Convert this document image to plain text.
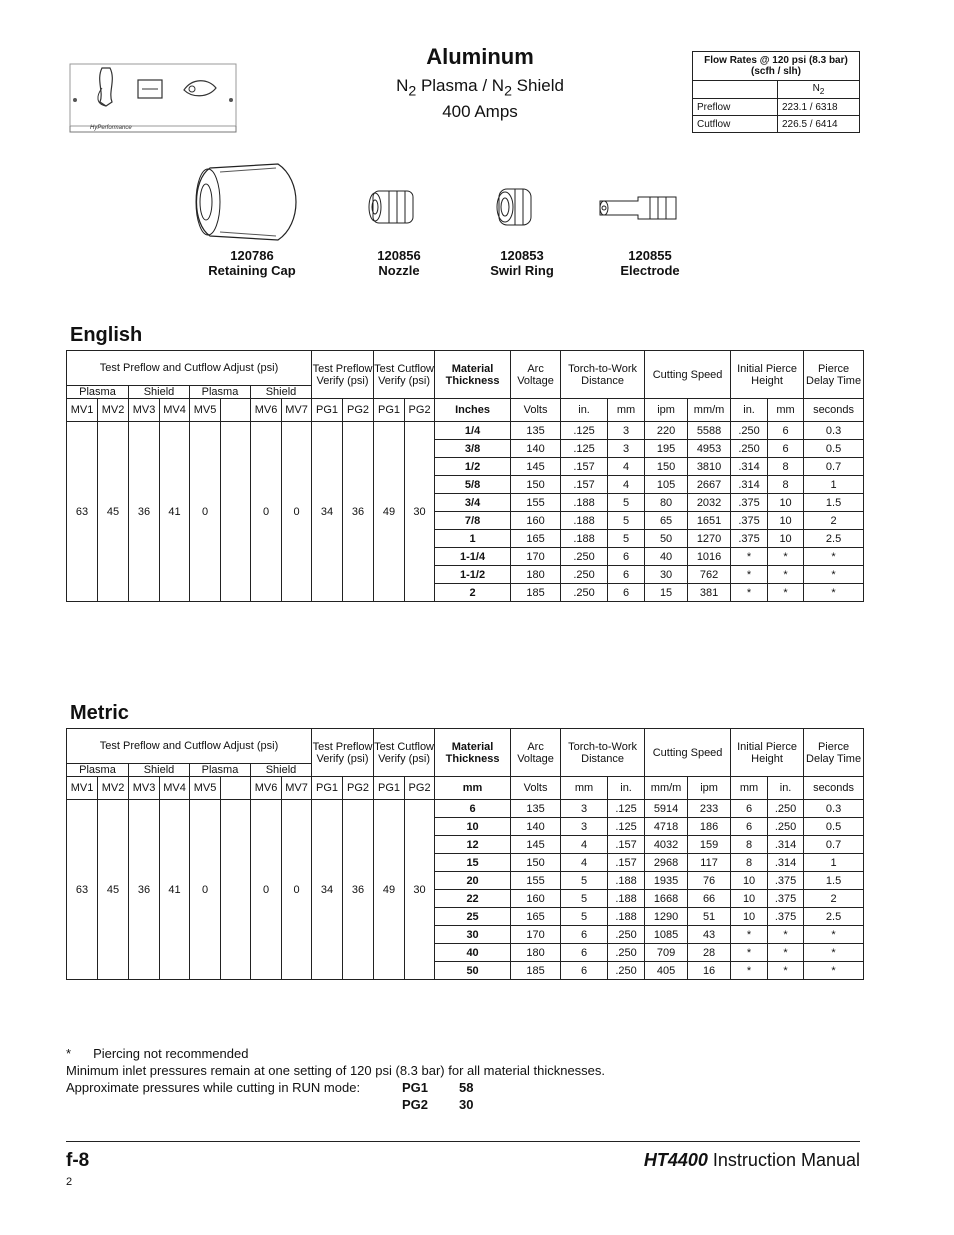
HyPerformance
Aluminum
$N_2$ Plasma / $N_2$ Shield
400 Amps
Flow Rates @ 120 psi (8.3 bar) (scfh / slh)	
	$N_2$
Preflow	223.1 / 6318
Cutflow	226.5 / 6414
120786
Retaining Cap
120856
Nozzle
120853
Swirl Ring
120855
Electrode
English
Test Preflow and Cutflow Adjust (psi)								Test Preflow Verify (psi)		Test Cutflow Verify (psi)		Material Thickness	Arc Voltage	Torch-to-Work Distance		Cutting Speed		Initial Pierce Height		Pierce Delay Time
Plasma		Shield		Plasma		Shield														
MV1	MV2	MV3	MV4	MV5		MV6	MV7	PG1	PG2	PG1	PG2	Inches	Volts	in.	mm	ipm	mm/m	in.	mm	seconds
63	45	36	41	0		0	0	34	36	49	30	1/4	135	.125	3	220	5588	.250	6	0.3
												3/8	140	.125	3	195	4953	.250	6	0.5
												1/2	145	.157	4	150	3810	.314	8	0.7
												5/8	150	.157	4	105	2667	.314	8	1
												3/4	155	.188	5	80	2032	.375	10	1.5
												7/8	160	.188	5	65	1651	.375	10	2
												1	165	.188	5	50	1270	.375	10	2.5
												1-1/4	170	.250	6	40	1016	*	*	*
												1-1/2	180	.250	6	30	762	*	*	*
												2	185	.250	6	15	381	*	*	*
Metric
Test Preflow and Cutflow Adjust (psi)								Test Preflow Verify (psi)		Test Cutflow Verify (psi)		Material Thickness	Arc Voltage	Torch-to-Work Distance		Cutting Speed		Initial Pierce Height		Pierce Delay Time
Plasma		Shield		Plasma		Shield														
MV1	MV2	MV3	MV4	MV5		MV6	MV7	PG1	PG2	PG1	PG2	mm	Volts	mm	in.	mm/m	ipm	mm	in.	seconds
63	45	36	41	0		0	0	34	36	49	30	6	135	3	.125	5914	233	6	.250	0.3
												10	140	3	.125	4718	186	6	.250	0.5
												12	145	4	.157	4032	159	8	.314	0.7
												15	150	4	.157	2968	117	8	.314	1
												20	155	5	.188	1935	76	10	.375	1.5
												22	160	5	.188	1668	66	10	.375	2
												25	165	5	.188	1290	51	10	.375	2.5
												30	170	6	.250	1085	43	*	*	*
												40	180	6	.250	709	28	*	*	*
												50	185	6	.250	405	16	*	*	*
* Piercing not recommended
Minimum inlet pressures remain at one setting of 120 psi (8.3 bar) for all material thicknesses.
Approximate pressures while cutting in RUN mode:	PG1 58
PG2 30
f-8	HT4400 Instruction Manual
2
